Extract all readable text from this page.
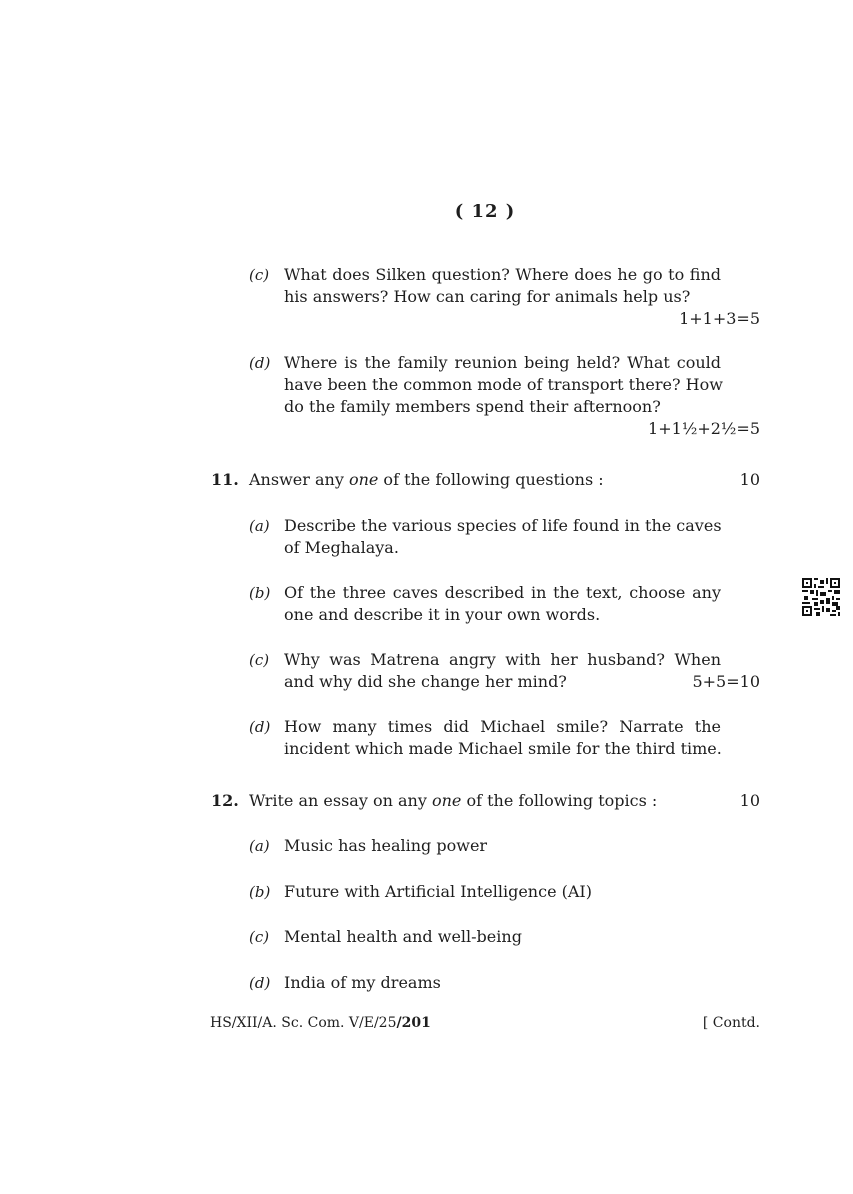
( 12 )
(c) What does Silken question? Where does he go to find
his answers? How can caring for animals help us?
1+1+3=5
(d) Where is the family reunion being held? What could
have been the common mode of transport there? How
do the family members spend their afternoon?
1+1½+2½=5
11. Answer any one of the following questions :	10
(a) Describe the various species of life found in the caves
of Meghalaya.
(b) Of the three caves described in the text, choose any
one and describe it in your own words.
(c) Why was Matrena angry with her husband? When
and why did she change her mind?	5+5=10
(d) How many times did Michael smile? Narrate the
incident which made Michael smile for the third time.
12. Write an essay on any one of the following topics :	10
(a) Music has healing power
(b) Future with Artificial Intelligence (AI)
(c) Mental health and well-being
(d) India of my dreams
HS/XII/A. Sc. Com. V/E/25/201	[ Contd.
